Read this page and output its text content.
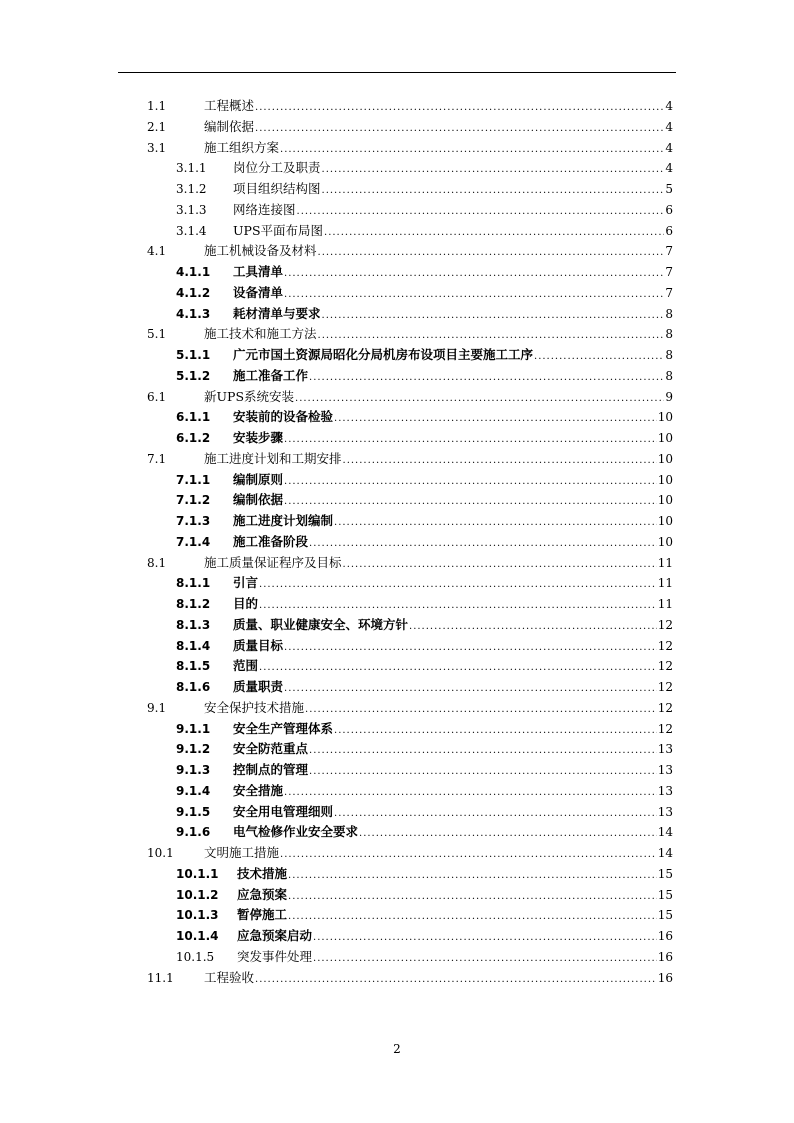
1.1	工程概述 .....	4
2.1	编制依据 .....	4
3.1	施工组织方案 .....	4
3.1.1	岗位分工及职责 .....	4
3.1.2	项目组织结构图 .....	5
3.1.3	网络连接图 .....	6
3.1.4	UPS平面布局图 .....	6
4.1	施工机械设备及材料 .....	7
4.1.1	工具清单 .....	7
4.1.2	设备清单 .....	7
4.1.3	耗材清单与要求 .....	8
5.1	施工技术和施工方法 .....	8
5.1.1	广元市国土资源局昭化分局机房布设项目主要施工工序 .....	8
5.1.2	施工准备工作 .....	8
6.1	新UPS系统安装 .....	9
6.1.1	安装前的设备检验 .....	10
6.1.2	安装步骤 .....	10
7.1	施工进度计划和工期安排 .....	10
7.1.1	编制原则 .....	10
7.1.2	编制依据 .....	10
7.1.3	施工进度计划编制 .....	10
7.1.4	施工准备阶段 .....	10
8.1	施工质量保证程序及目标 .....	11
8.1.1	引言 .....	11
8.1.2	目的 .....	11
8.1.3	质量、职业健康安全、环境方针 .....	12
8.1.4	质量目标 .....	12
8.1.5	范围 .....	12
8.1.6	质量职责 .....	12
9.1	安全保护技术措施 .....	12
9.1.1	安全生产管理体系 .....	12
9.1.2	安全防范重点 .....	13
9.1.3	控制点的管理 .....	13
9.1.4	安全措施 .....	13
9.1.5	安全用电管理细则 .....	13
9.1.6	电气检修作业安全要求 .....	14
10.1	文明施工措施 .....	14
10.1.1	技术措施 .....	15
10.1.2	应急预案 .....	15
10.1.3	暂停施工 .....	15
10.1.4	应急预案启动 .....	16
10.1.5	突发事件处理 .....	16
11.1	工程验收 .....	16
2
